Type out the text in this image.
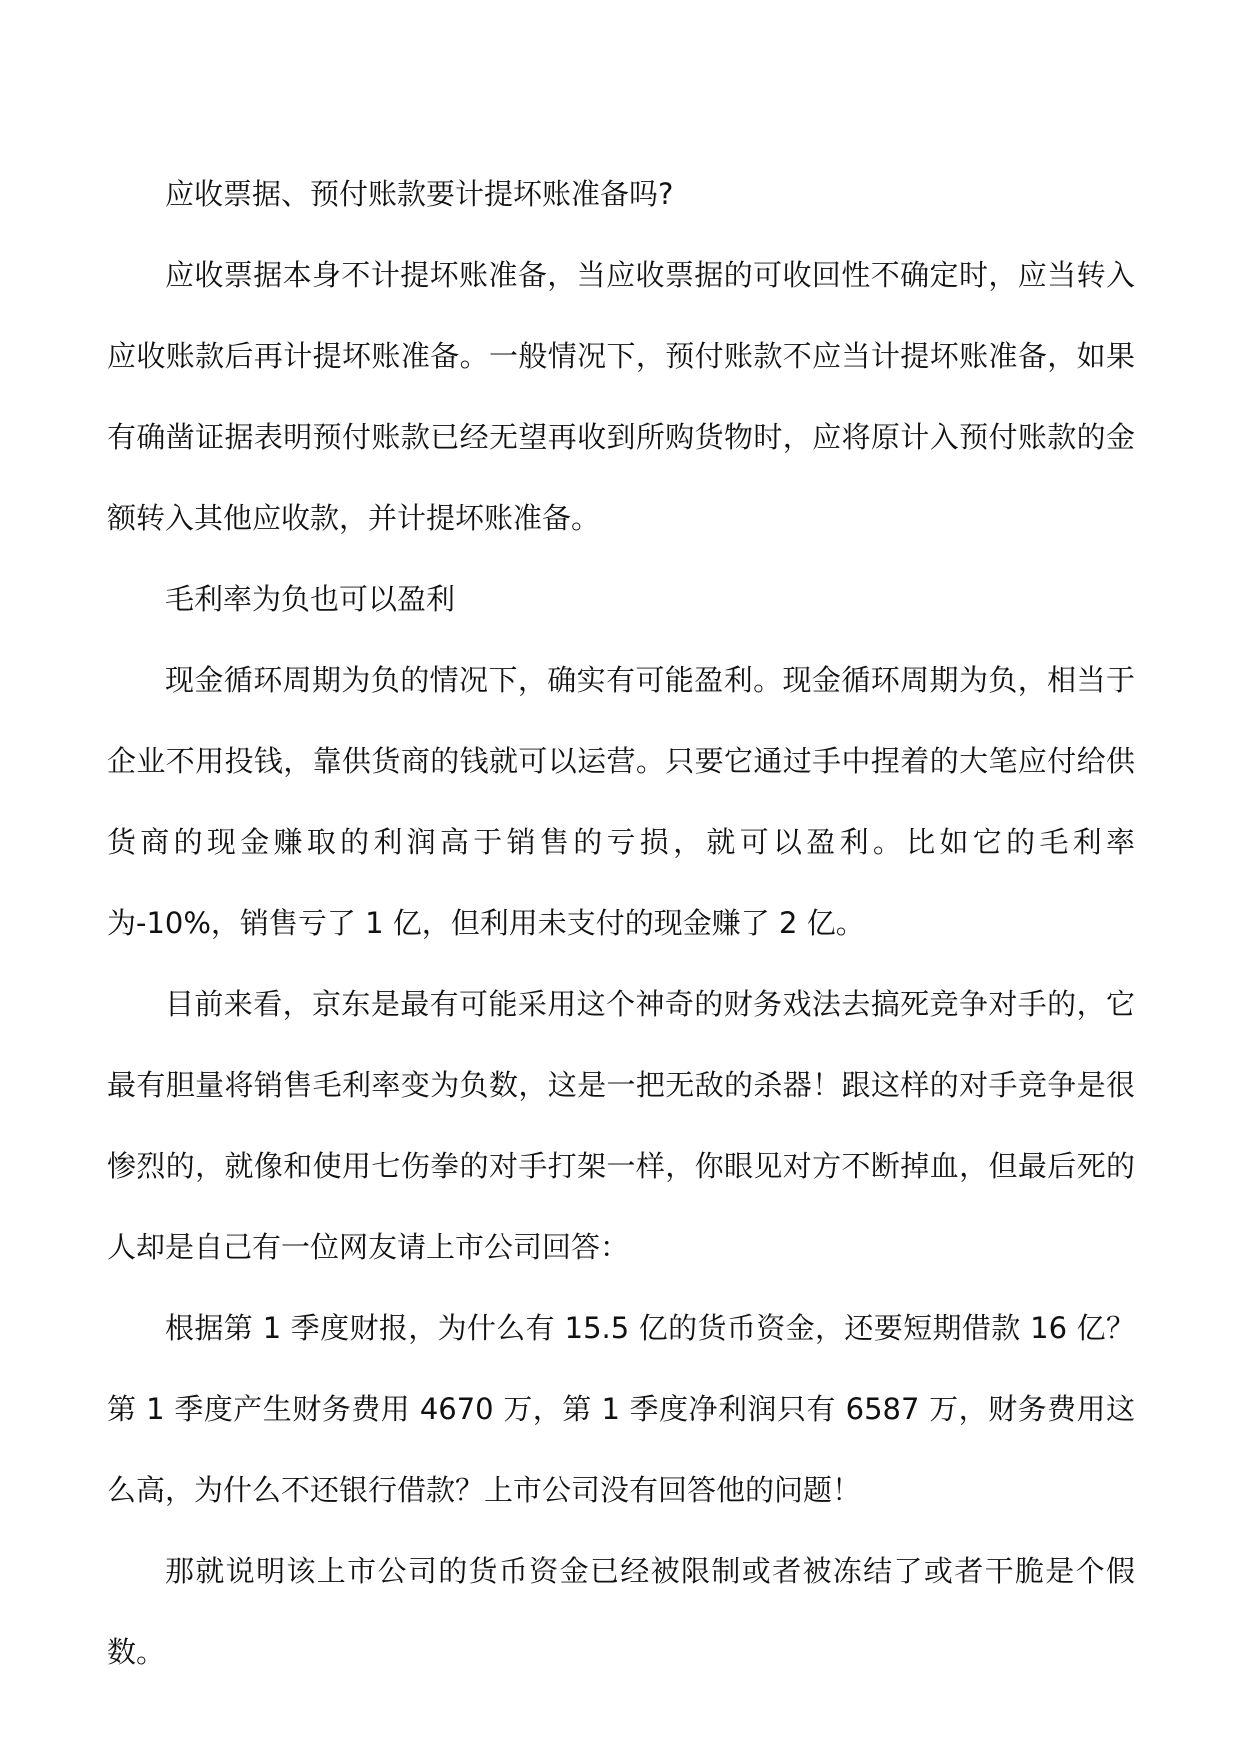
应收票据、预付账款要计提坏账准备吗?

应收票据本身不计提坏账准备，当应收票据的可收回性不确定时，应当转入应收账款后再计提坏账准备。一般情况下，预付账款不应当计提坏账准备，如果有确凿证据表明预付账款已经无望再收到所购货物时，应将原计入预付账款的金额转入其他应收款，并计提坏账准备。

毛利率为负也可以盈利

现金循环周期为负的情况下，确实有可能盈利。现金循环周期为负，相当于企业不用投钱，靠供货商的钱就可以运营。只要它通过手中捏着的大笔应付给供货商的现金赚取的利润高于销售的亏损，就可以盈利。比如它的毛利率为-10%，销售亏了 1 亿，但利用未支付的现金赚了 2 亿。

目前来看，京东是最有可能采用这个神奇的财务戏法去搞死竞争对手的，它最有胆量将销售毛利率变为负数，这是一把无敌的杀器！跟这样的对手竞争是很惨烈的，就像和使用七伤拳的对手打架一样，你眼见对方不断掉血，但最后死的人却是自己有一位网友请上市公司回答：

根据第 1 季度财报，为什么有 15.5 亿的货币资金，还要短期借款 16 亿？第 1 季度产生财务费用 4670 万，第 1 季度净利润只有 6587 万，财务费用这么高，为什么不还银行借款？上市公司没有回答他的问题！

那就说明该上市公司的货币资金已经被限制或者被冻结了或者干脆是个假数。
